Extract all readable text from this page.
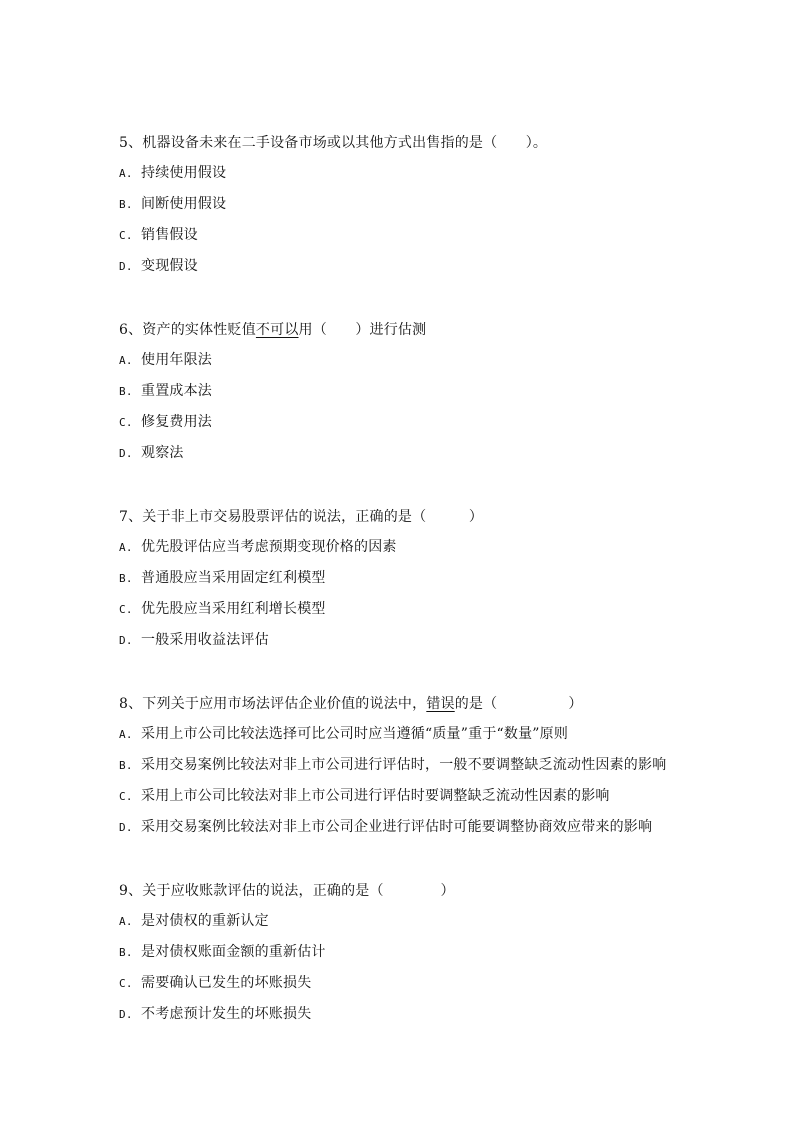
5、机器设备未来在二手设备市场或以其他方式出售指的是（　　）。
A. 持续使用假设
B. 间断使用假设
C. 销售假设
D. 变现假设
6、资产的实体性贬值不可以用（　　）进行估测
A. 使用年限法
B. 重置成本法
C. 修复费用法
D. 观察法
7、关于非上市交易股票评估的说法，正确的是（　　　）
A. 优先股评估应当考虑预期变现价格的因素
B. 普通股应当采用固定红利模型
C. 优先股应当采用红利增长模型
D. 一般采用收益法评估
8、下列关于应用市场法评估企业价值的说法中，错误的是（　　　　　）
A. 采用上市公司比较法选择可比公司时应当遵循“质量”重于“数量”原则
B. 采用交易案例比较法对非上市公司进行评估时，一般不要调整缺乏流动性因素的影响
C. 采用上市公司比较法对非上市公司进行评估时要调整缺乏流动性因素的影响
D. 采用交易案例比较法对非上市公司企业进行评估时可能要调整协商效应带来的影响
9、关于应收账款评估的说法，正确的是（　　　　）
A. 是对债权的重新认定
B. 是对债权账面金额的重新估计
C. 需要确认已发生的坏账损失
D. 不考虑预计发生的坏账损失
